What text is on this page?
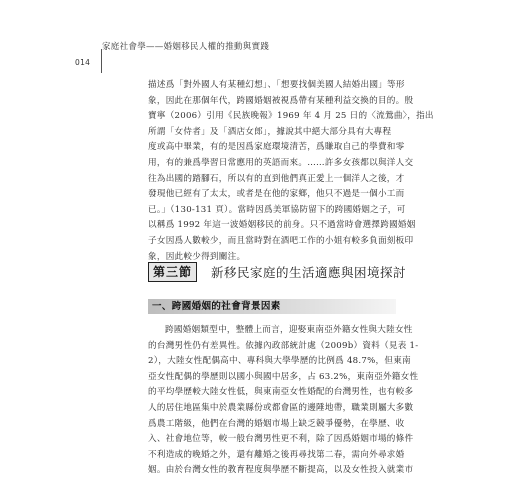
家庭社會學——婚姻移民人權的推動與實踐
014
描述爲「對外國人有某種幻想」、「想要找個美國人結婚出國」等形
象，因此在那個年代，跨國婚姻被視爲帶有某種利益交換的目的。殷
寶寧（2006）引用《民族晚報》1969 年 4 月 25 日的〈流鶯曲〉，指出
所謂「女侍者」及「酒店女郎」，據說其中絕大部分具有大專程
度或高中畢業，有的是因爲家庭環境清苦，爲賺取自己的學費和零
用，有的兼爲學習日常應用的英語而來。……許多女孩都以與洋人交
往為出國的踏腳石，所以有的直到他們真正愛上一個洋人之後，才
發現他已經有了太太，或者是在他的家鄉，他只不過是一個小工而
已。」（130-131 頁）。當時因爲美軍協防留下的跨國婚姻之子，可
以稱爲 1992 年這一波婚姻移民的前身。只不過當時會選擇跨國婚姻
子女因爲人數較少，而且當時對在酒吧工作的小姐有較多負面刻板印
象，因此較少得到關注。
第三節	新移民家庭的生活適應與困境探討
一、跨國婚姻的社會背景因素
跨國婚姻類型中，整體上而言，迎娶東南亞外籍女性與大陸女性
的台灣男性仍有差異性。依據內政部統計處（2009b）資料（見表 1-
2），大陸女性配偶高中、專科與大學學歷的比例爲 48.7%，但東南
亞女性配偶的學歷則以國小與國中居多，占 63.2%，東南亞外籍女性
的平均學歷較大陸女性低，與東南亞女性婚配的台灣男性，也有較多
人的居住地區集中於農業縣份或都會區的邊陲地帶，職業則屬大多數
爲農工階級，他們在台灣的婚姻市場上缺乏競爭優勢，在學歷、收
入、社會地位等，較一般台灣男性更不利，除了因爲婚姻市場的條件
不利造成的晚婚之外，還有離婚之後再尋找第二春，需向外尋求婚
姻。由於台灣女性的教育程度與學歷不斷提高，以及女性投入就業市
